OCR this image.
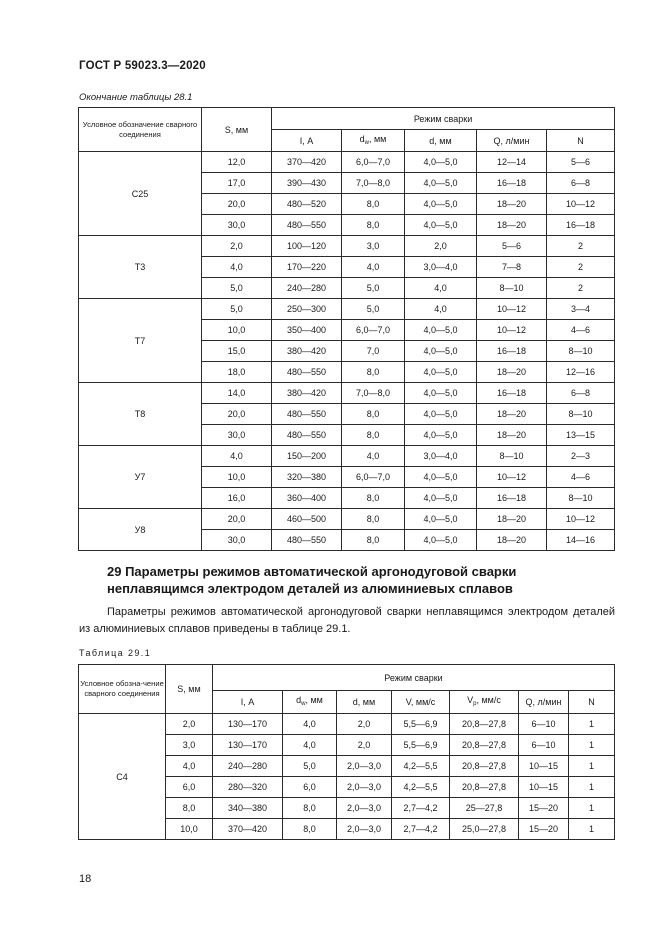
ГОСТ Р 59023.3—2020
Окончание таблицы 28.1
Условное обозначение сварного соединения	S, мм	Режим сварки				
		I, А	$d_w$, мм	d, мм	Q, л/мин	N
С25	12,0	370—420	6,0—7,0	4,0—5,0	12—14	5—6
	17,0	390—430	7,0—8,0	4,0—5,0	16—18	6—8
	20,0	480—520	8,0	4,0—5,0	18—20	10—12
	30,0	480—550	8,0	4,0—5,0	18—20	16—18
Т3	2,0	100—120	3,0	2,0	5—6	2
	4,0	170—220	4,0	3,0—4,0	7—8	2
	5,0	240—280	5,0	4,0	8—10	2
Т7	5,0	250—300	5,0	4,0	10—12	3—4
	10,0	350—400	6,0—7,0	4,0—5,0	10—12	4—6
	15,0	380—420	7,0	4,0—5,0	16—18	8—10
	18,0	480—550	8,0	4,0—5,0	18—20	12—16
Т8	14,0	380—420	7,0—8,0	4,0—5,0	16—18	6—8
	20,0	480—550	8,0	4,0—5,0	18—20	8—10
	30,0	480—550	8,0	4,0—5,0	18—20	13—15
У7	4,0	150—200	4,0	3,0—4,0	8—10	2—3
	10,0	320—380	6,0—7,0	4,0—5,0	10—12	4—6
	16,0	360—400	8,0	4,0—5,0	16—18	8—10
У8	20,0	460—500	8,0	4,0—5,0	18—20	10—12
	30,0	480—550	8,0	4,0—5,0	18—20	14—16
29 Параметры режимов автоматической аргонодуговой сварки неплавящимся электродом деталей из алюминиевых сплавов

Параметры режимов автоматической аргонодуговой сварки неплавящимся электродом деталей из алюминиевых сплавов приведены в таблице 29.1.

Таблица 29.1
Условное обозна-чение сварного соединения	S, мм	Режим сварки						
		I, А	$d_w$, мм	d, мм	V, мм/с	$V_p$, мм/с	Q, л/мин	N
С4	2,0	130—170	4,0	2,0	5,5—6,9	20,8—27,8	6—10	1
	3,0	130—170	4,0	2,0	5,5—6,9	20,8—27,8	6—10	1
	4,0	240—280	5,0	2,0—3,0	4,2—5,5	20,8—27,8	10—15	1
	6,0	280—320	6,0	2,0—3,0	4,2—5,5	20,8—27,8	10—15	1
	8,0	340—380	8,0	2,0—3,0	2,7—4,2	25—27,8	15—20	1
	10,0	370—420	8,0	2,0—3,0	2,7—4,2	25,0—27,8	15—20	1
18
